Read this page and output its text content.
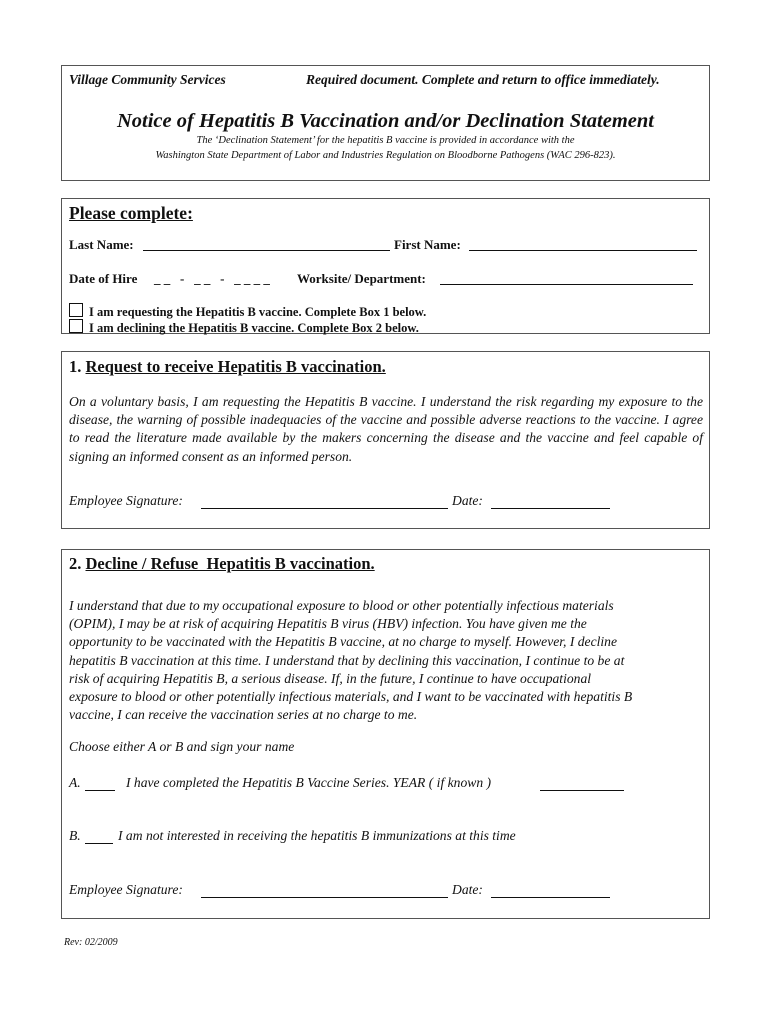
Village Community Services	Required document. Complete and return to office immediately.
Notice of Hepatitis B Vaccination and/or Declination Statement
The ‘Declination Statement’ for the hepatitis B vaccine is provided in accordance with the
Washington State Department of Labor and Industries Regulation on Bloodborne Pathogens (WAC 296-823).
Please complete:
Last Name:	First Name:
Date of Hire _ _   -   _ _   -   _ _ _ _ Worksite/ Department:
I am requesting the Hepatitis B vaccine. Complete Box 1 below.
I am declining the Hepatitis B vaccine. Complete Box 2 below.
1. Request to receive Hepatitis B vaccination.
On a voluntary basis, I am requesting the Hepatitis B vaccine. I understand the risk regarding my exposure to the disease, the warning of possible inadequacies of the vaccine and possible adverse reactions to the vaccine. I agree to read the literature made available by the makers concerning the disease and the vaccine and feel capable of signing an informed consent as an informed person.
Employee Signature:	Date:
2. Decline / Refuse  Hepatitis B vaccination.
I understand that due to my occupational exposure to blood or other potentially infectious materials
(OPIM), I may be at risk of acquiring Hepatitis B virus (HBV) infection. You have given me the
opportunity to be vaccinated with the Hepatitis B vaccine, at no charge to myself. However, I decline
hepatitis B vaccination at this time. I understand that by declining this vaccination, I continue to be at
risk of acquiring Hepatitis B, a serious disease. If, in the future, I continue to have occupational
exposure to blood or other potentially infectious materials, and I want to be vaccinated with hepatitis B
vaccine, I can receive the vaccination series at no charge to me.
Choose either A or B and sign your name
A.	I have completed the Hepatitis B Vaccine Series. YEAR ( if known )
B.	I am not interested in receiving the hepatitis B immunizations at this time
Employee Signature:	Date:
Rev: 02/2009
